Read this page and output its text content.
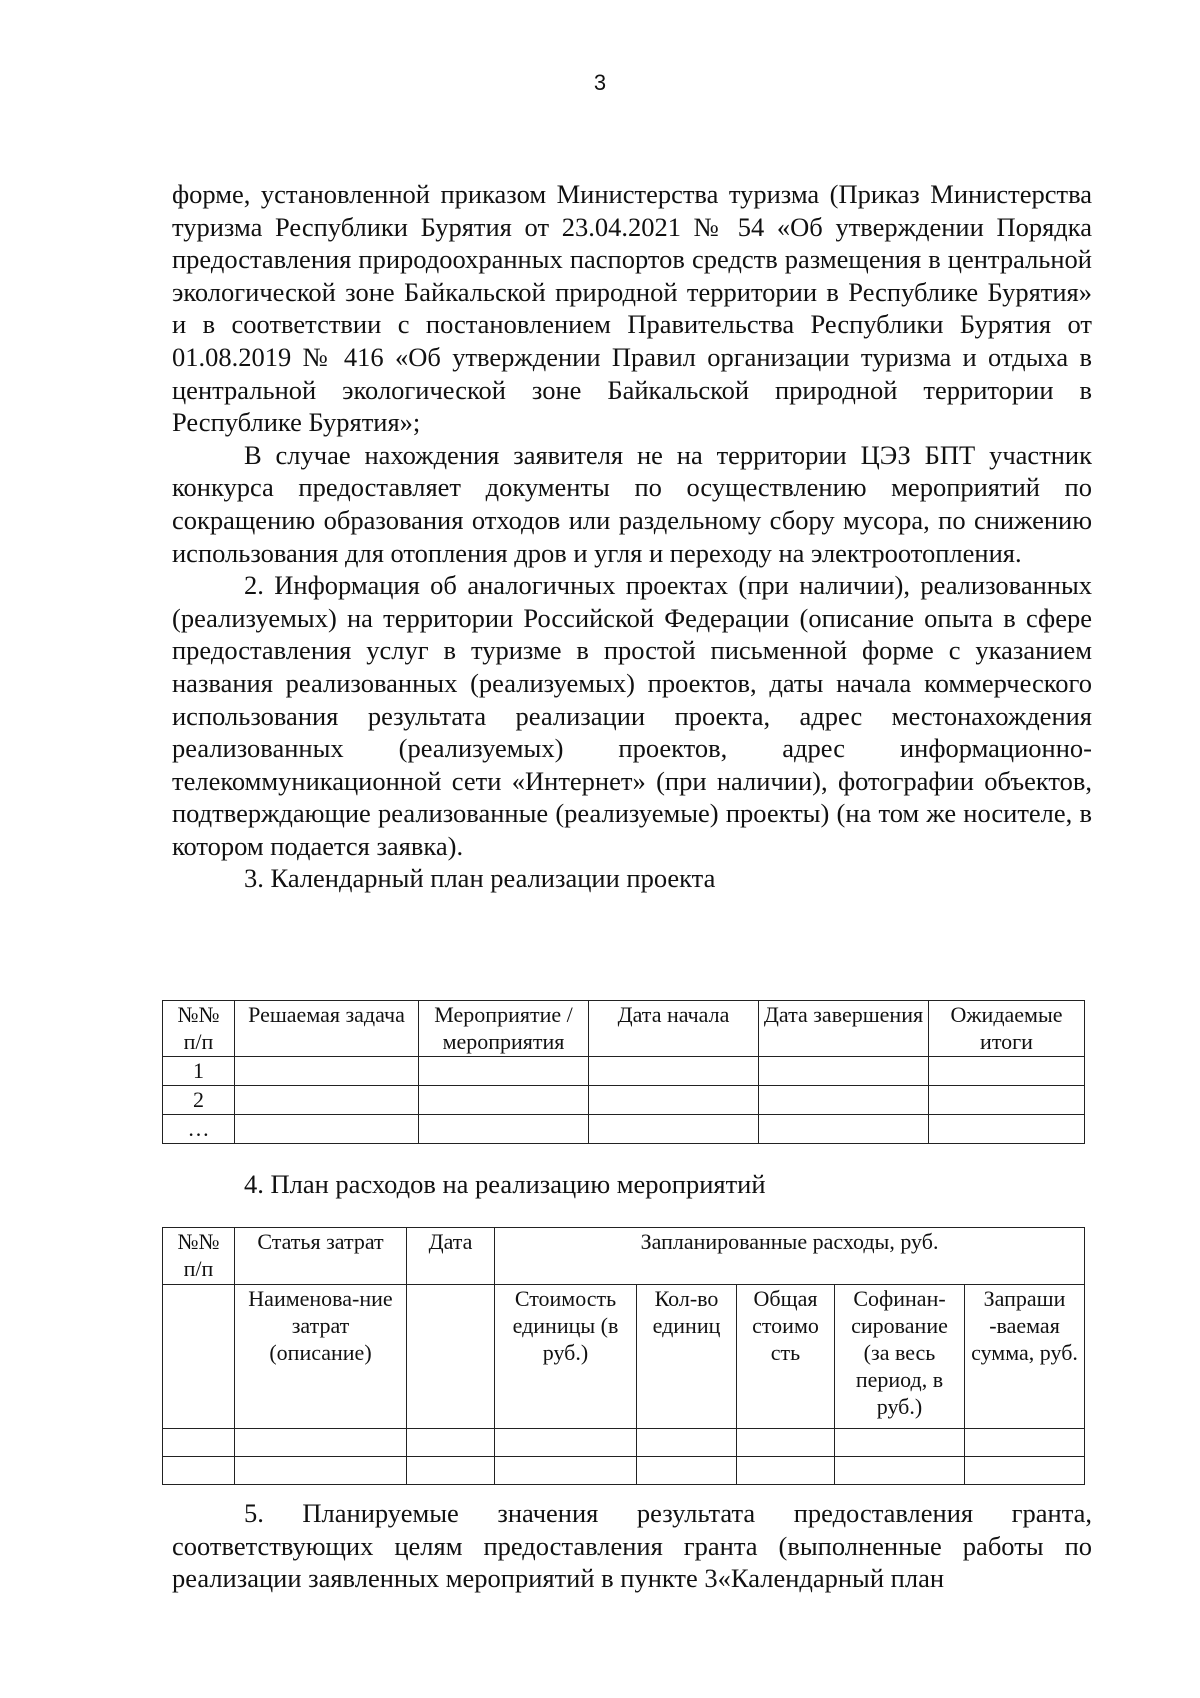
3

форме, установленной приказом Министерства туризма (Приказ Министерства туризма Республики Бурятия от 23.04.2021 № 54 «Об утверждении Порядка предоставления природоохранных паспортов средств размещения в центральной экологической зоне Байкальской природной территории в Республике Бурятия» и в соответствии с постановлением Правительства Республики Бурятия от 01.08.2019 № 416 «Об утверждении Правил организации туризма и отдыха в центральной экологической зоне Байкальской природной территории в Республике Бурятия»;

В случае нахождения заявителя не на территории ЦЭЗ БПТ участник конкурса предоставляет документы по осуществлению мероприятий по сокращению образования отходов или раздельному сбору мусора, по снижению использования для отопления дров и угля и переходу на электроотопления.

2. Информация об аналогичных проектах (при наличии), реализованных (реализуемых) на территории Российской Федерации (описание опыта в сфере предоставления услуг в туризме в простой письменной форме с указанием названия реализованных (реализуемых) проектов, даты начала коммерческого использования результата реализации проекта, адрес местонахождения реализованных (реализуемых) проектов, адрес информационно-телекоммуникационной сети «Интернет» (при наличии), фотографии объектов, подтверждающие реализованные (реализуемые) проекты) (на том же носителе, в котором подается заявка).

3. Календарный план реализации проекта

№№ п/п	Решаемая задача	Мероприятие /мероприятия	Дата начала	Дата завершения	Ожидаемые итоги
1					
2					
…					

4. План расходов на реализацию мероприятий

№№ п/п	Статья затрат	Дата	Запланированные расходы, руб.				
	Наименова-ние затрат (описание)		Стоимость единицы (в руб.)	Кол-во единиц	Общая стоимо сть	Софинан-сирование (за весь период, в руб.)	Запраши -ваемая сумма, руб.

5. Планируемые значения результата предоставления гранта, соответствующих целям предоставления гранта (выполненные работы по реализации заявленных мероприятий в пункте 3«Календарный план
